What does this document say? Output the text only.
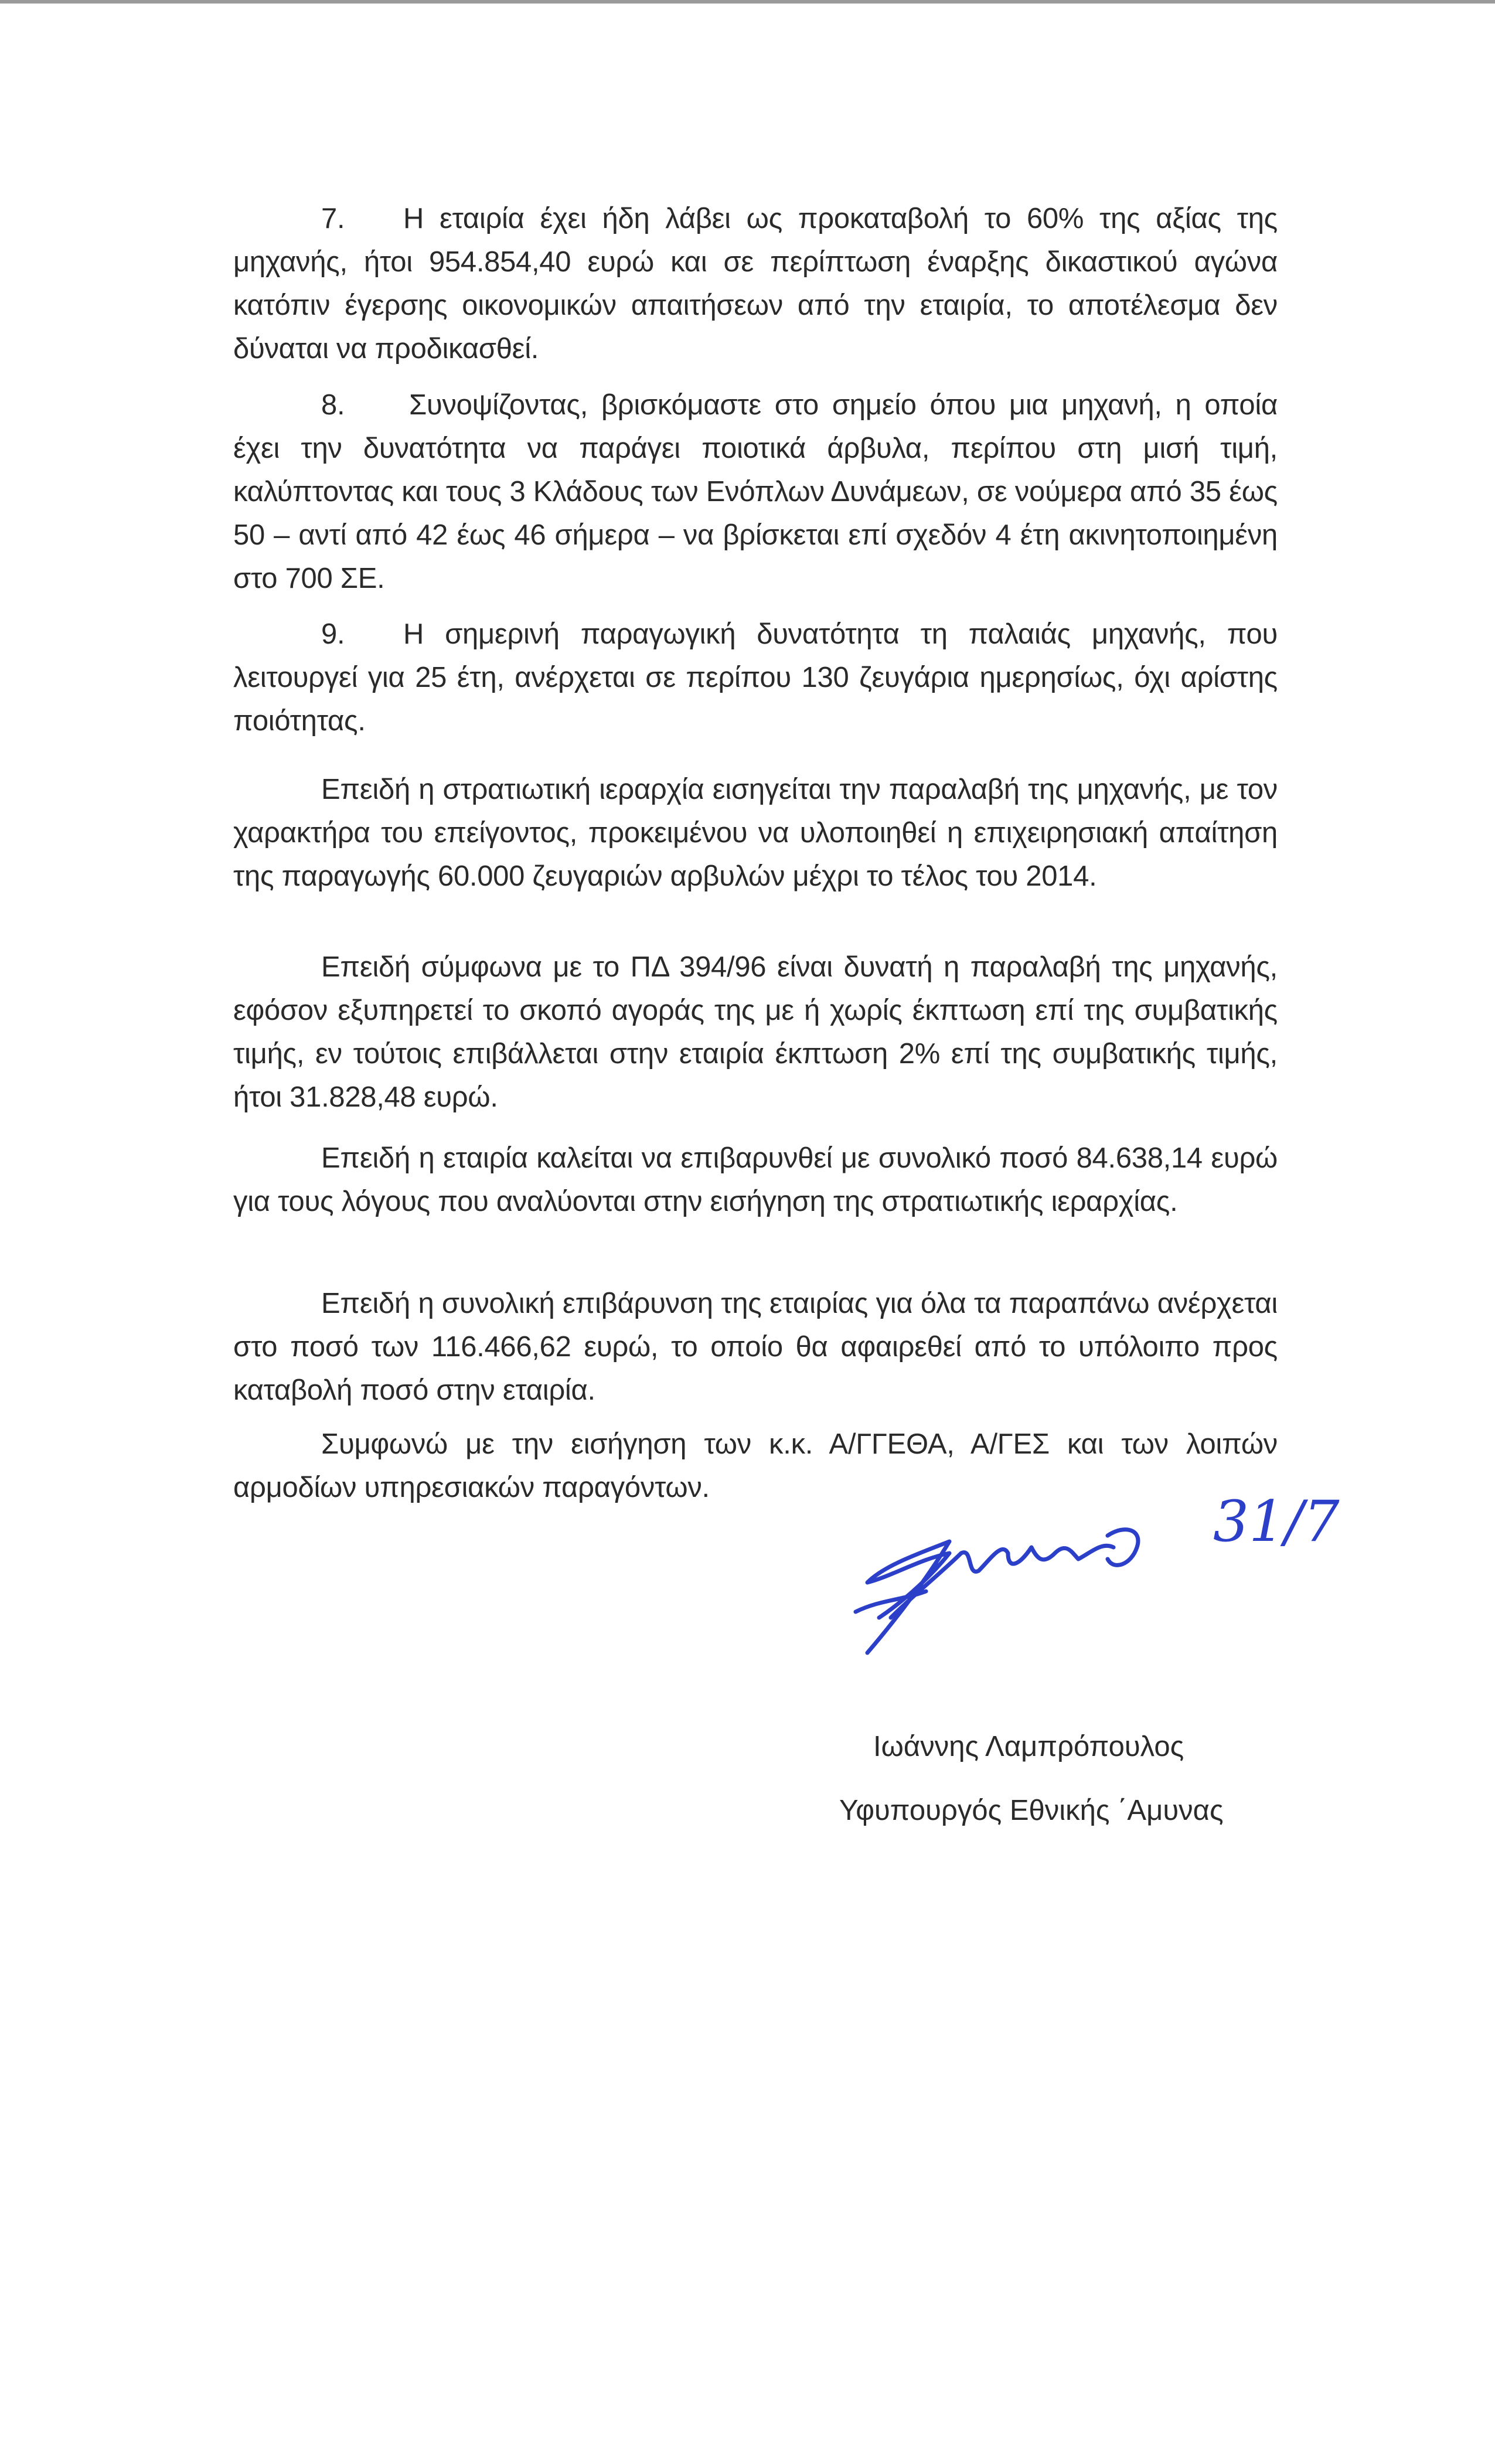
7. Η εταιρία έχει ήδη λάβει ως προκαταβολή το 60% της αξίας της μηχανής, ήτοι 954.854,40 ευρώ και σε περίπτωση έναρξης δικαστικού αγώνα κατόπιν έγερσης οικονομικών απαιτήσεων από την εταιρία, το αποτέλεσμα δεν δύναται να προδικασθεί.
8. Συνοψίζοντας, βρισκόμαστε στο σημείο όπου μια μηχανή, η οποία έχει την δυνατότητα να παράγει ποιοτικά άρβυλα, περίπου στη μισή τιμή, καλύπτοντας και τους 3 Κλάδους των Ενόπλων Δυνάμεων, σε νούμερα από 35 έως 50 – αντί από 42 έως 46 σήμερα – να βρίσκεται επί σχεδόν 4 έτη ακινητοποιημένη στο 700 ΣΕ.
9. Η σημερινή παραγωγική δυνατότητα τη παλαιάς μηχανής, που λειτουργεί για 25 έτη, ανέρχεται σε περίπου 130 ζευγάρια ημερησίως, όχι αρίστης ποιότητας.
Επειδή η στρατιωτική ιεραρχία εισηγείται την παραλαβή της μηχανής, με τον χαρακτήρα του επείγοντος, προκειμένου να υλοποιηθεί η επιχειρησιακή απαίτηση της παραγωγής 60.000 ζευγαριών αρβυλών μέχρι το τέλος του 2014.
Επειδή σύμφωνα με το ΠΔ 394/96 είναι δυνατή η παραλαβή της μηχανής, εφόσον εξυπηρετεί το σκοπό αγοράς της με ή χωρίς έκπτωση επί της συμβατικής τιμής, εν τούτοις επιβάλλεται στην εταιρία έκπτωση 2% επί της συμβατικής τιμής, ήτοι 31.828,48 ευρώ.
Επειδή η εταιρία καλείται να επιβαρυνθεί με συνολικό ποσό 84.638,14 ευρώ για τους λόγους που αναλύονται στην εισήγηση της στρατιωτικής ιεραρχίας.
Επειδή η συνολική επιβάρυνση της εταιρίας για όλα τα παραπάνω ανέρχεται στο ποσό των 116.466,62 ευρώ, το οποίο θα αφαιρεθεί από το υπόλοιπο προς καταβολή ποσό στην εταιρία.
Συμφωνώ με την εισήγηση των κ.κ. Α/ΓΓΕΘΑ, Α/ΓΕΣ και των λοιπών αρμοδίων υπηρεσιακών παραγόντων.
31/7
Ιωάννης Λαμπρόπουλος
Υφυπουργός Εθνικής ΄Αμυνας
